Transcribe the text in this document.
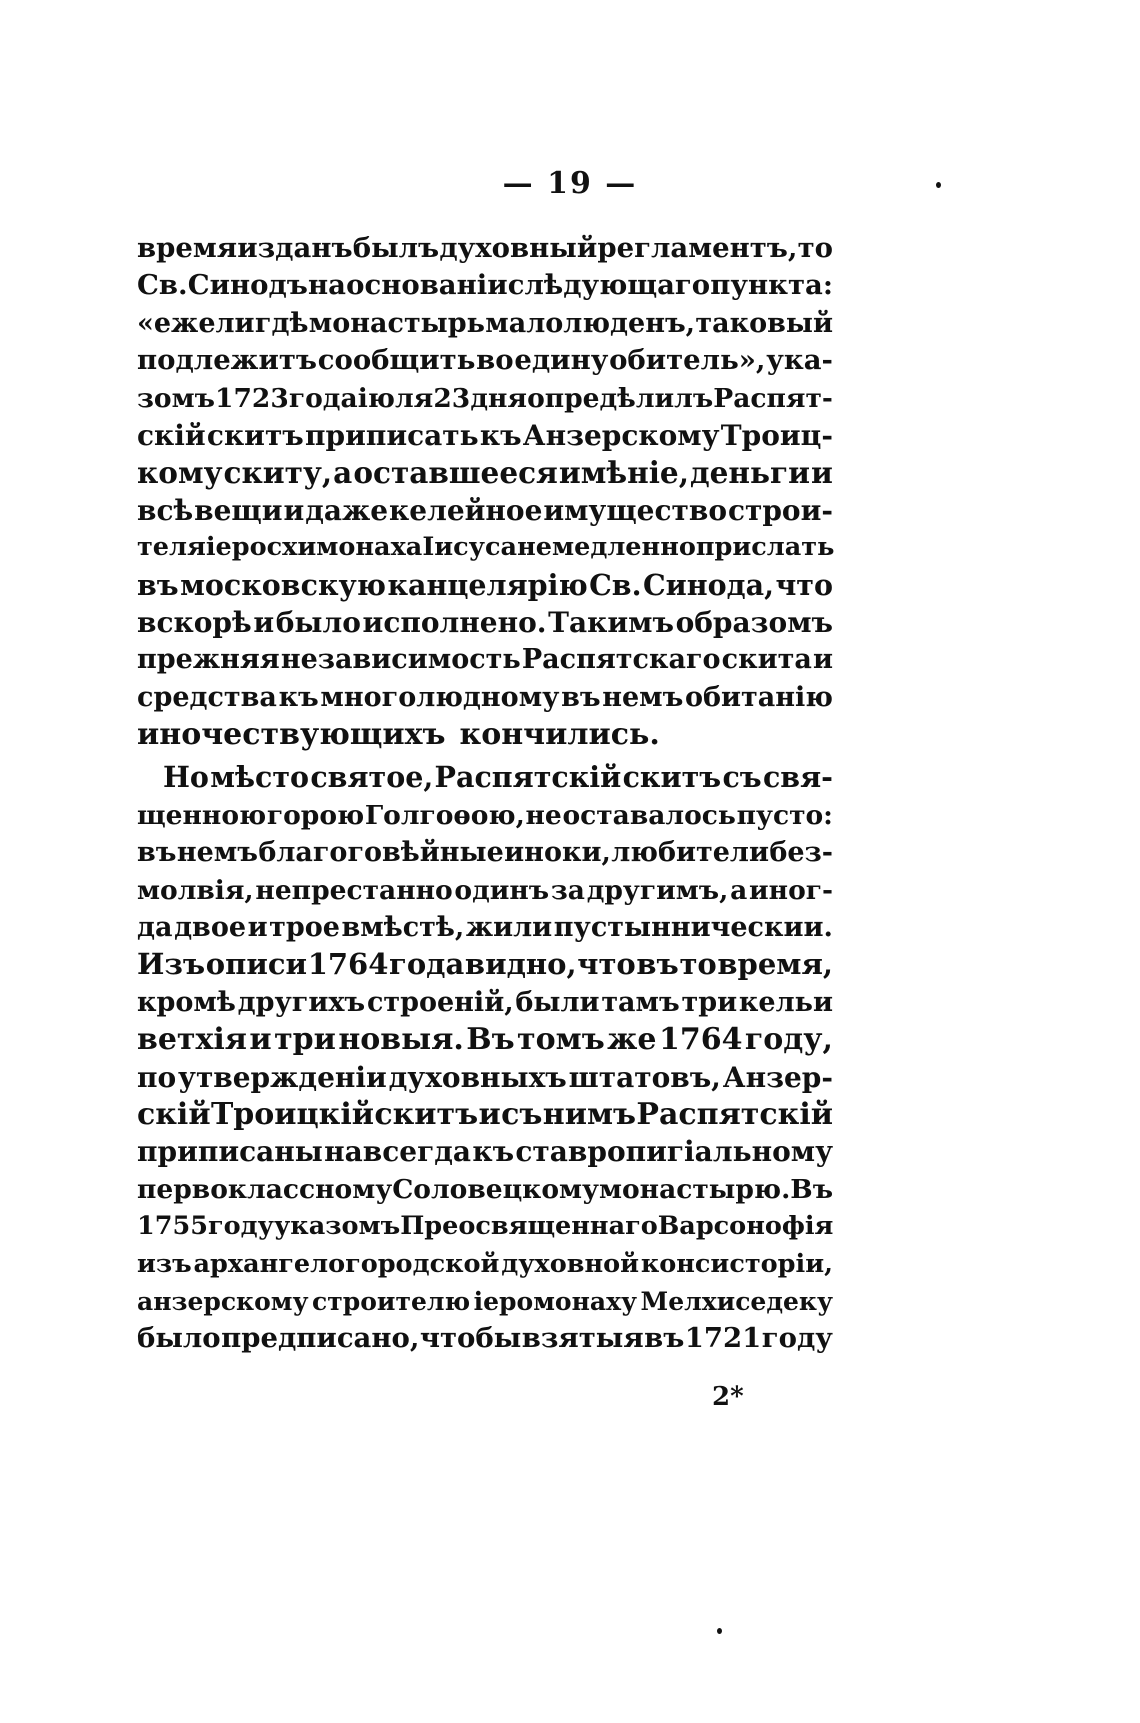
— 19 —
время изданъ былъ духовный регламентъ, то
Св. Синодъ на основаніи слѣдующаго пункта:
«ежели гдѣ монастырь малолюденъ, таковый
подлежитъ сообщить во едину обитель», ука-
зомъ 1723 года іюля 23 дня опредѣлилъ Распят-
скій скитъ приписать къ Анзерскому Троиц-
кому скиту, а оставшееся имѣніе, деньги и
всѣ вещи и даже келейное имущество строи-
теля іеросхимонаха Іисуса немедленно прислать
въ московскую канцелярію Св. Синода, что
вскорѣ и было исполнено. Такимъ образомъ
прежняя независимость Распятскаго скита и
средства къ многолюдному въ немъ обитанію
иночествующихъ кончились.
Но мѣсто святое, Распятскій скитъ съ свя-
щенною горою Голгоѳою, не оставалось пусто:
въ немъ благоговѣйные иноки, любители без-
молвія, непрестанно одинъ за другимъ, а иног-
да двое и трое вмѣстѣ, жили пустынническии.
Изъ описи 1764 года видно, что въ то время,
кромѣ другихъ строеній, были тамъ три кельи
ветхія и три новыя. Въ томъ же 1764 году,
по утвержденіи духовныхъ штатовъ, Анзер-
скій Троицкій скитъ и съ нимъ Распятскій
приписаны навсегда къ ставропигіальному
первоклассному Соловецкому монастырю. Въ
1755 году указомъ Преосвященнаго Варсонофія
изъ архангелогородской духовной консисторіи,
анзерскому строителю іеромонаху Мелхиседеку
было предписано, чтобы взятыя въ 1721 году
2*
